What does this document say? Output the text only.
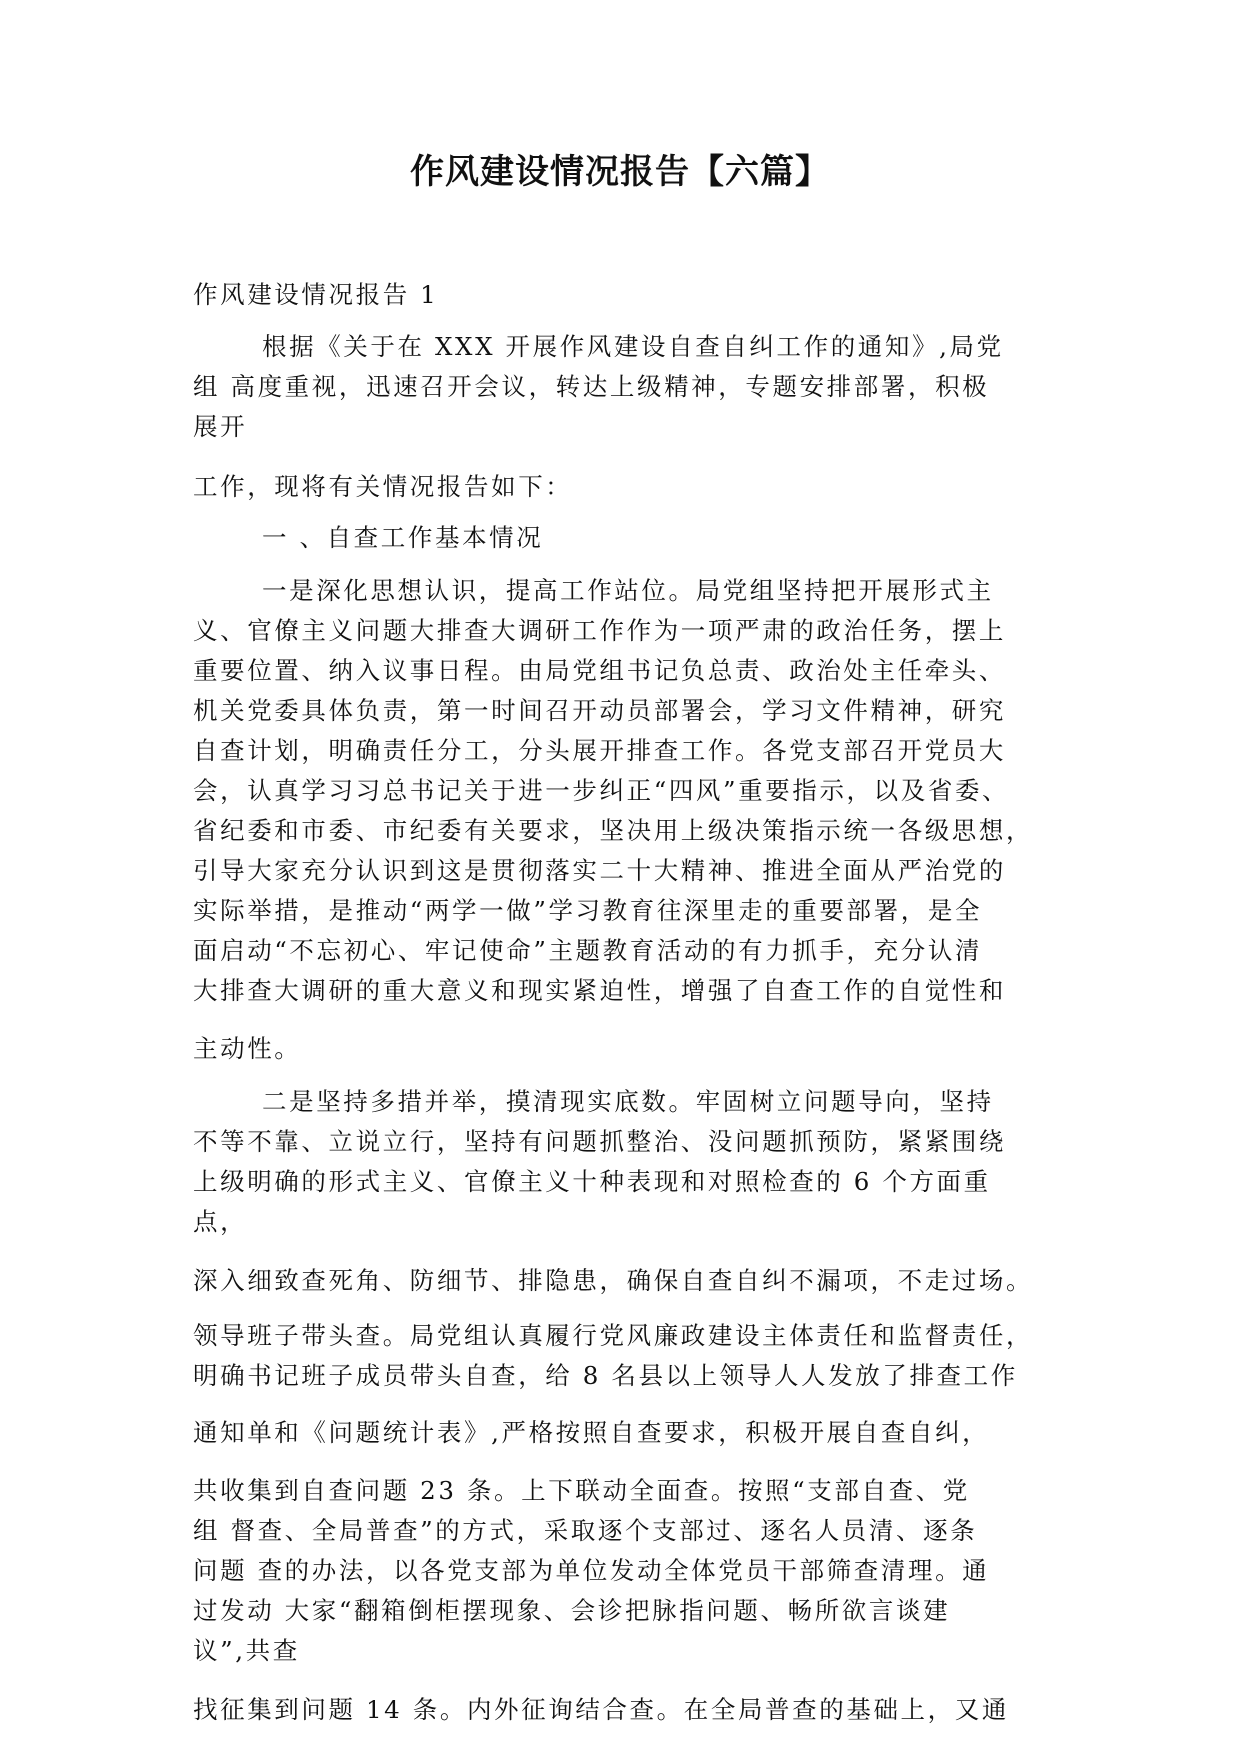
作风建设情况报告【六篇】
作风建设情况报告 1
根据《关于在 XXX 开展作风建设自查自纠工作的通知》,局党
组 高度重视，迅速召开会议，转达上级精神，专题安排部署，积极
展开
工作，现将有关情况报告如下：
一 、自查工作基本情况
一是深化思想认识，提高工作站位。局党组坚持把开展形式主
义、官僚主义问题大排查大调研工作作为一项严肃的政治任务，摆上
重要位置、纳入议事日程。由局党组书记负总责、政治处主任牵头、
机关党委具体负责，第一时间召开动员部署会，学习文件精神，研究
自查计划，明确责任分工，分头展开排查工作。各党支部召开党员大
会，认真学习习总书记关于进一步纠正“四风”重要指示，以及省委、
省纪委和市委、市纪委有关要求，坚决用上级决策指示统一各级思想，
引导大家充分认识到这是贯彻落实二十大精神、推进全面从严治党的
实际举措，是推动“两学一做”学习教育往深里走的重要部署，是全
面启动“不忘初心、牢记使命”主题教育活动的有力抓手，充分认清
大排查大调研的重大意义和现实紧迫性，增强了自查工作的自觉性和
主动性。
二是坚持多措并举，摸清现实底数。牢固树立问题导向，坚持
不等不靠、立说立行，坚持有问题抓整治、没问题抓预防，紧紧围绕
上级明确的形式主义、官僚主义十种表现和对照检查的 6 个方面重
点，
深入细致查死角、防细节、排隐患，确保自查自纠不漏项，不走过场。
领导班子带头查。局党组认真履行党风廉政建设主体责任和监督责任，
明确书记班子成员带头自查，给 8 名县以上领导人人发放了排查工作
通知单和《问题统计表》,严格按照自查要求，积极开展自查自纠，
共收集到自查问题 23 条。上下联动全面查。按照“支部自查、党
组 督查、全局普查”的方式，采取逐个支部过、逐名人员清、逐条
问题 查的办法，以各党支部为单位发动全体党员干部筛查清理。通
过发动 大家“翻箱倒柜摆现象、会诊把脉指问题、畅所欲言谈建
议”,共查
找征集到问题 14 条。内外征询结合查。在全局普查的基础上，又通
